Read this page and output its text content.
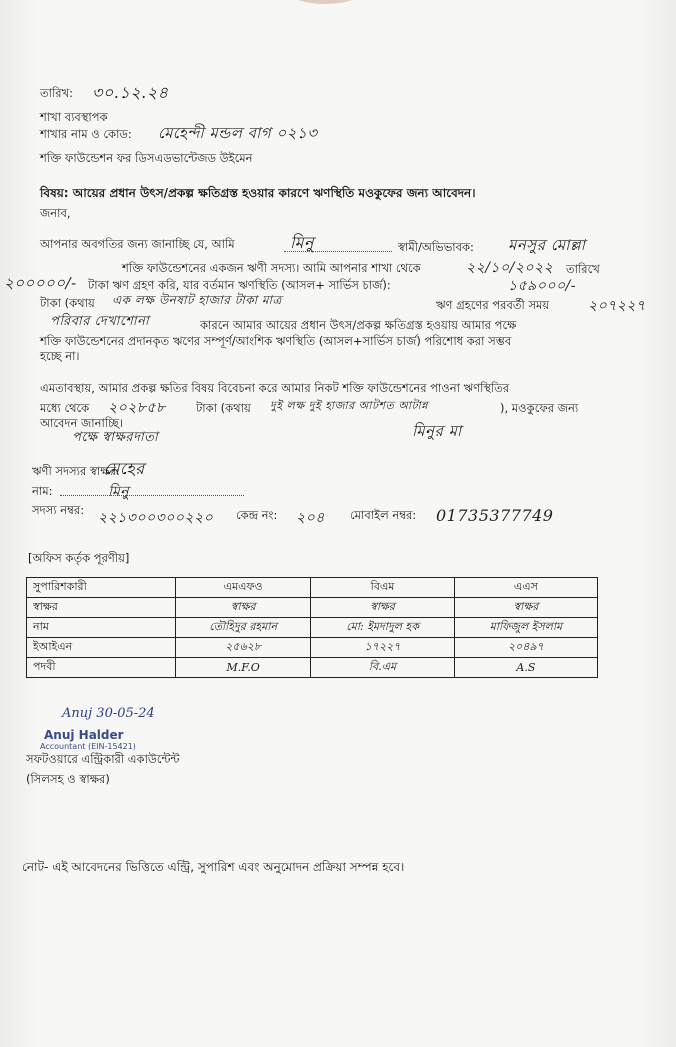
তারিখ: ৩০.১২.২৪
শাখা ব্যবস্থাপক
শাখার নাম ও কোড: মেহেন্দী মন্ডল বাগ ০২১৩
শক্তি ফাউন্ডেশন ফর ডিসএডভান্টেজড উইমেন
বিষয়: আয়ের প্রধান উৎস/প্রকল্প ক্ষতিগ্রস্ত হওয়ার কারণে ঋণস্থিতি মওকুফের জন্য আবেদন।
জনাব,
আপনার অবগতির জন্য জানাচ্ছি যে, আমি	মিনু	স্বামী/অভিভাবক: মনসুর মোল্লা
শক্তি ফাউন্ডেশনের একজন ঋণী সদস্য। আমি আপনার শাখা থেকে	২২/১০/২০২২ তারিখে
২০০০০০/- টাকা ঋণ গ্রহণ করি, যার বর্তমান ঋণস্থিতি (আসল+ সার্ভিস চার্জ):	১৫৯০০০/-
টাকা (কথায় এক লক্ষ উনষাট হাজার টাকা মাত্র	ঋণ গ্রহণের পরবর্তী সময়	২০৭২২৭
পরিবার দেখাশোনা	কারনে আমার আয়ের প্রধান উৎস/প্রকল্প ক্ষতিগ্রস্ত হওয়ায় আমার পক্ষে
শক্তি ফাউন্ডেশনের প্রদানকৃত ঋণের সম্পূর্ণ/আংশিক ঋণস্থিতি (আসল+সার্ভিস চার্জ) পরিশোধ করা সম্ভব
হচ্ছে না।
এমতাবস্থায়, আমার প্রকল্প ক্ষতির বিষয় বিবেচনা করে আমার নিকট শক্তি ফাউন্ডেশনের পাওনা ঋণস্থিতির
মধ্যে থেকে ২০২৮৫৮	টাকা (কথায় দুই লক্ষ দুই হাজার আটশত আটান্ন	), মওকুফের জন্য
আবেদন জানাচ্ছি।
পক্ষে স্বাক্ষরদাতা	মিনুর মা
ঋণী সদস্যর স্বাক্ষর:
মেহের
নাম:	মিনু
সদস্য নম্বর: ২২১৩০০৩০০২২০ কেন্দ্র নং: ২০৪ মোবাইল নম্বর: 01735377749
[অফিস কর্তৃক পূরণীয়]
সুপারিশকারী	এমএফও	বিএম	এএস
স্বাক্ষর	স্বাক্ষর	স্বাক্ষর	স্বাক্ষর
নাম	তৌহিদুর রহমান	মো: ইমদাদুল হক	মাফিজুল ইসলাম
ইআইএন	২৫৬২৮	১৭২২৭	২০৪৯৭
পদবী	M.F.O	বি.এম	A.S
Anuj 30-05-24
Anuj Halder
Accountant (EIN-15421)
সফটওয়ারে এন্ট্রিকারী একাউন্টেন্ট
(সিলসহ ও স্বাক্ষর)
নোট- এই আবেদনের ভিত্তিতে এন্ট্রি, সুপারিশ এবং অনুমোদন প্রক্রিয়া সম্পন্ন হবে।
